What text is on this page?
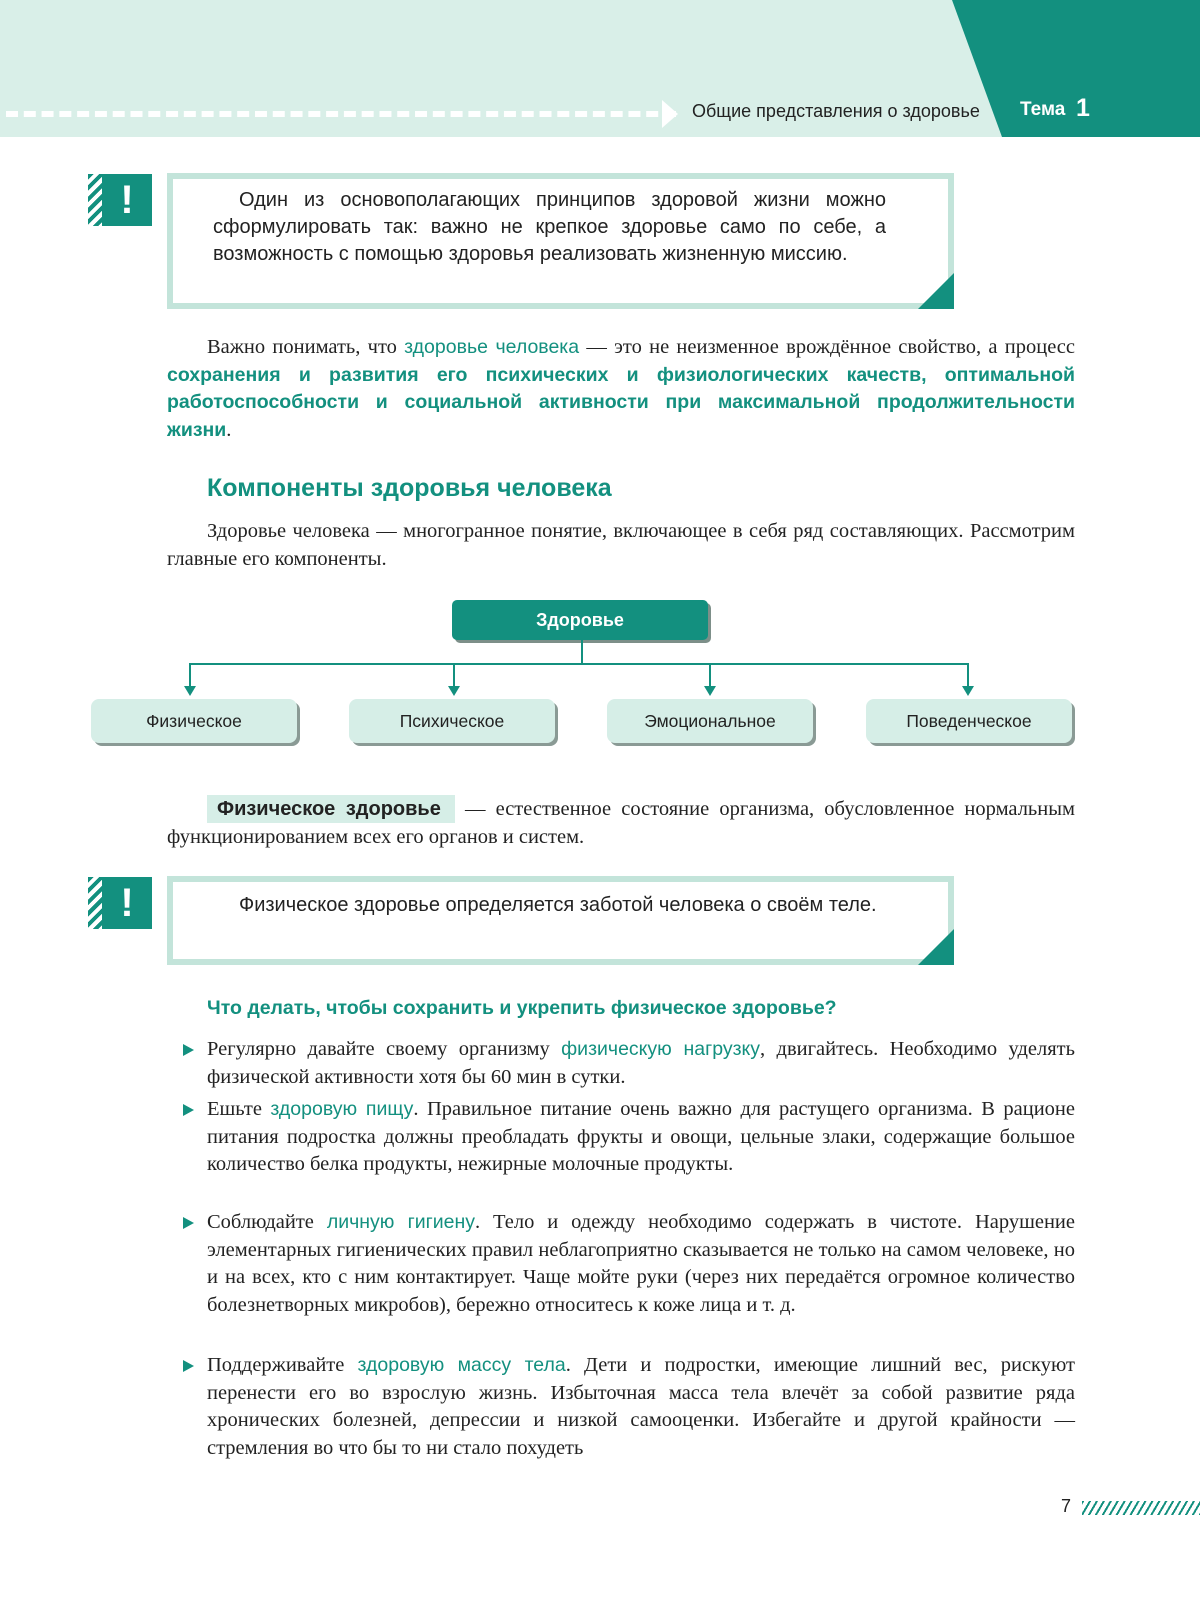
Общие представления о здоровье Тема 1
!	Один из основополагающих принципов здоровой жизни можно сформулировать так: важно не крепкое здоровье само по себе, а возможность с помощью здоровья реализовать жизненную миссию.
Важно понимать, что здоровье человека — это не неизменное врождённое свойство, а процесс сохранения и развития его психических и физиологических качеств, оптимальной работоспособности и социальной активности при максимальной продолжительности жизни.
Компоненты здоровья человека
Здоровье человека — многогранное понятие, включающее в себя ряд составляющих. Рассмотрим главные его компоненты.
Здоровье
Физическое	Психическое	Эмоциональное	Поведенческое
Физическое здоровье — естественное состояние организма, обусловленное нормальным функционированием всех его органов и систем.
!	Физическое здоровье определяется заботой человека о своём теле.
Что делать, чтобы сохранить и укрепить физическое здоровье?
Регулярно давайте своему организму физическую нагрузку, двигайтесь. Необходимо уделять физической активности хотя бы 60 мин в сутки.
Ешьте здоровую пищу. Правильное питание очень важно для растущего организма. В рационе питания подростка должны преобладать фрукты и овощи, цельные злаки, содержащие большое количество белка продукты, нежирные молочные продукты.
Соблюдайте личную гигиену. Тело и одежду необходимо содержать в чистоте. Нарушение элементарных гигиенических правил неблагоприятно сказывается не только на самом человеке, но и на всех, кто с ним контактирует. Чаще мойте руки (через них передаётся огромное количество болезнетворных микробов), бережно относитесь к коже лица и т. д.
Поддерживайте здоровую массу тела. Дети и подростки, имеющие лишний вес, рискуют перенести его во взрослую жизнь. Избыточная масса тела влечёт за собой развитие ряда хронических болезней, депрессии и низкой самооценки. Избегайте и другой крайности — стремления во что бы то ни стало похудеть
7
